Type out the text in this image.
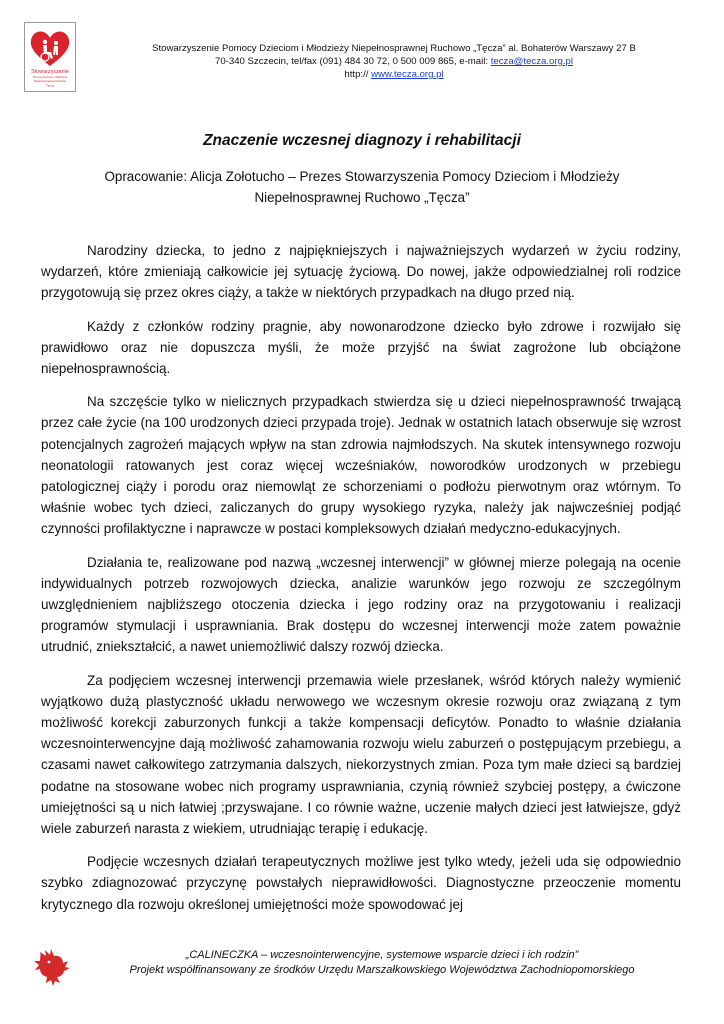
Stowarzyszenie
Pomocy Dzieciom i Młodzieży
Niepełnosprawnej Ruchowo
Tęcza
Stowarzyszenie Pomocy Dzieciom i Młodzieży Niepełnosprawnej Ruchowo „Tęcza” al. Bohaterów Warszawy 27 B
70-340 Szczecin, tel/fax (091) 484 30 72, 0 500 009 865, e-mail: tecza@tecza.org.pl
http:// www.tecza.org.pl
Znaczenie wczesnej diagnozy i rehabilitacji
Opracowanie: Alicja Zołotucho – Prezes Stowarzyszenia Pomocy Dzieciom i Młodzieży
Niepełnosprawnej Ruchowo „Tęcza”

Narodziny dziecka, to jedno z najpiękniejszych i najważniejszych wydarzeń w życiu rodziny, wydarzeń, które zmieniają całkowicie jej sytuację życiową. Do nowej, jakże odpowiedzialnej roli rodzice przygotowują się przez okres ciąży, a także w niektórych przypadkach na długo przed nią.

Każdy z członków rodziny pragnie, aby nowonarodzone dziecko było zdrowe i rozwijało się prawidłowo oraz nie dopuszcza myśli, że może przyjść na świat zagrożone lub obciążone niepełnosprawnością.

Na szczęście tylko w nielicznych przypadkach stwierdza się u dzieci niepełnosprawność trwającą przez całe życie (na 100 urodzonych dzieci przypada troje). Jednak w ostatnich latach obserwuje się wzrost potencjalnych zagrożeń mających wpływ na stan zdrowia najmłodszych. Na skutek intensywnego rozwoju neonatologii ratowanych jest coraz więcej wcześniaków, noworodków urodzonych w przebiegu patologicznej ciąży i porodu oraz niemowląt ze schorzeniami o podłożu pierwotnym oraz wtórnym. To właśnie wobec tych dzieci, zaliczanych do grupy wysokiego ryzyka, należy jak najwcześniej podjąć czynności profilaktyczne i naprawcze w postaci kompleksowych działań medyczno-edukacyjnych.

Działania te, realizowane pod nazwą „wczesnej interwencji” w głównej mierze polegają na ocenie indywidualnych potrzeb rozwojowych dziecka, analizie warunków jego rozwoju ze szczególnym uwzględnieniem najbliższego otoczenia dziecka i jego rodziny oraz na przygotowaniu i realizacji programów stymulacji i usprawniania. Brak dostępu do wczesnej interwencji może zatem poważnie utrudnić, zniekształcić, a nawet uniemożliwić dalszy rozwój dziecka.

Za podjęciem wczesnej interwencji przemawia wiele przesłanek, wśród których należy wymienić wyjątkowo dużą plastyczność układu nerwowego we wczesnym okresie rozwoju oraz związaną z tym możliwość korekcji zaburzonych funkcji a także kompensacji deficytów. Ponadto to właśnie działania wczesnointerwencyjne dają możliwość zahamowania rozwoju wielu zaburzeń o postępującym przebiegu, a czasami nawet całkowitego zatrzymania dalszych, niekorzystnych zmian. Poza tym małe dzieci są bardziej podatne na stosowane wobec nich programy usprawniania, czynią również szybciej postępy, a ćwiczone umiejętności są u nich łatwiej ;przyswajane. I co równie ważne, uczenie małych dzieci jest łatwiejsze, gdyż wiele zaburzeń narasta z wiekiem, utrudniając terapię i edukację.

Podjęcie wczesnych działań terapeutycznych możliwe jest tylko wtedy, jeżeli uda się odpowiednio szybko zdiagnozować przyczynę powstałych nieprawidłowości. Diagnostyczne przeoczenie momentu krytycznego dla rozwoju określonej umiejętności może spowodować jej

„CALINECZKA – wczesnointerwencyjne, systemowe wsparcie dzieci i ich rodzin”
Projekt współfinansowany ze środków Urzędu Marszałkowskiego Województwa Zachodniopomorskiego
